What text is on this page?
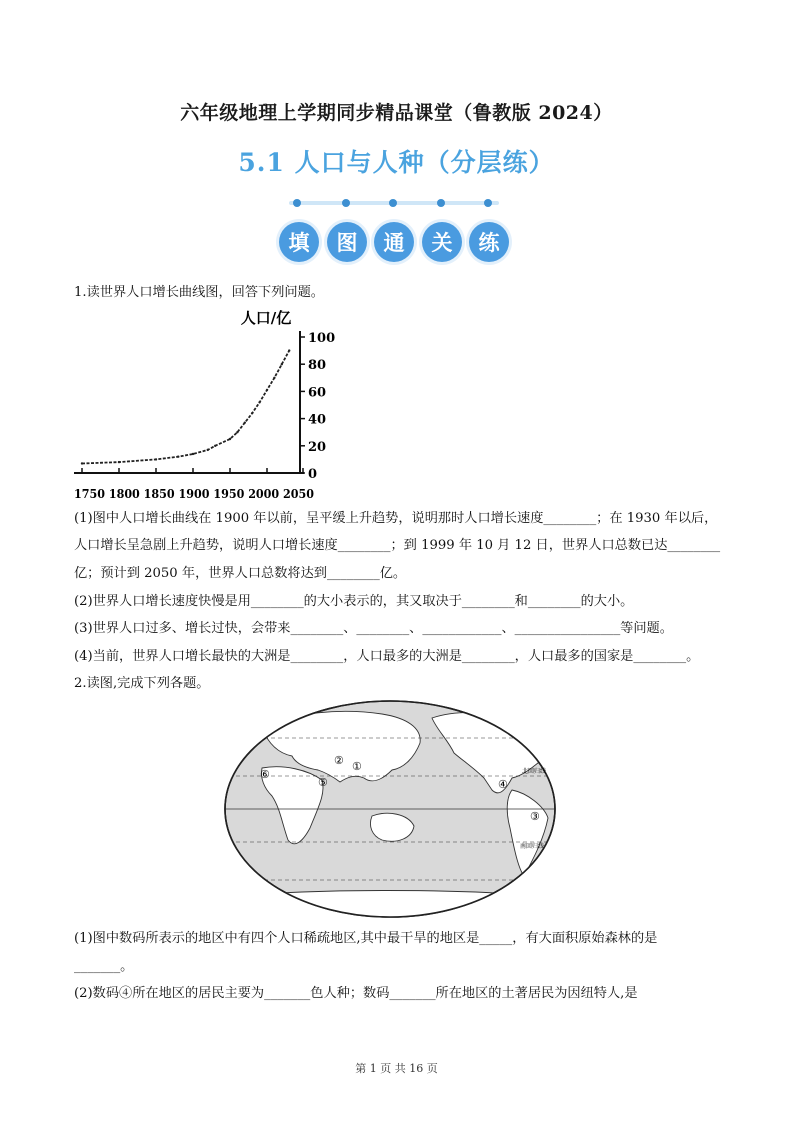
六年级地理上学期同步精品课堂（鲁教版 2024）
5.1 人口与人种（分层练）
填	图	通	关	练
1.读世界人口增长曲线图，回答下列问题。
人口/亿
1750 1800 1850 1900 1950 2000 2050
0
20
40
60
80
100
(1)图中人口增长曲线在 1900 年以前，呈平缓上升趋势，说明那时人口增长速度________；在 1930 年以后，
人口增长呈急剧上升趋势，说明人口增长速度________；到 1999 年 10 月 12 日，世界人口总数已达________
亿；预计到 2050 年，世界人口总数将达到________亿。
(2)世界人口增长速度快慢是用________的大小表示的，其又取决于________和________的大小。
(3)世界人口过多、增长过快，会带来________、________、____________、________________等问题。
(4)当前，世界人口增长最快的大洲是________，人口最多的大洲是________，人口最多的国家是________。
2.读图,完成下列各题。
北回归线
南回归线
①
②
③
④
⑤
⑥
(1)图中数码所表示的地区中有四个人口稀疏地区,其中最干旱的地区是_____，有大面积原始森林的是
_______。
(2)数码④所在地区的居民主要为_______色人种；数码_______所在地区的土著居民为因纽特人,是
第 1 页 共 16 页
